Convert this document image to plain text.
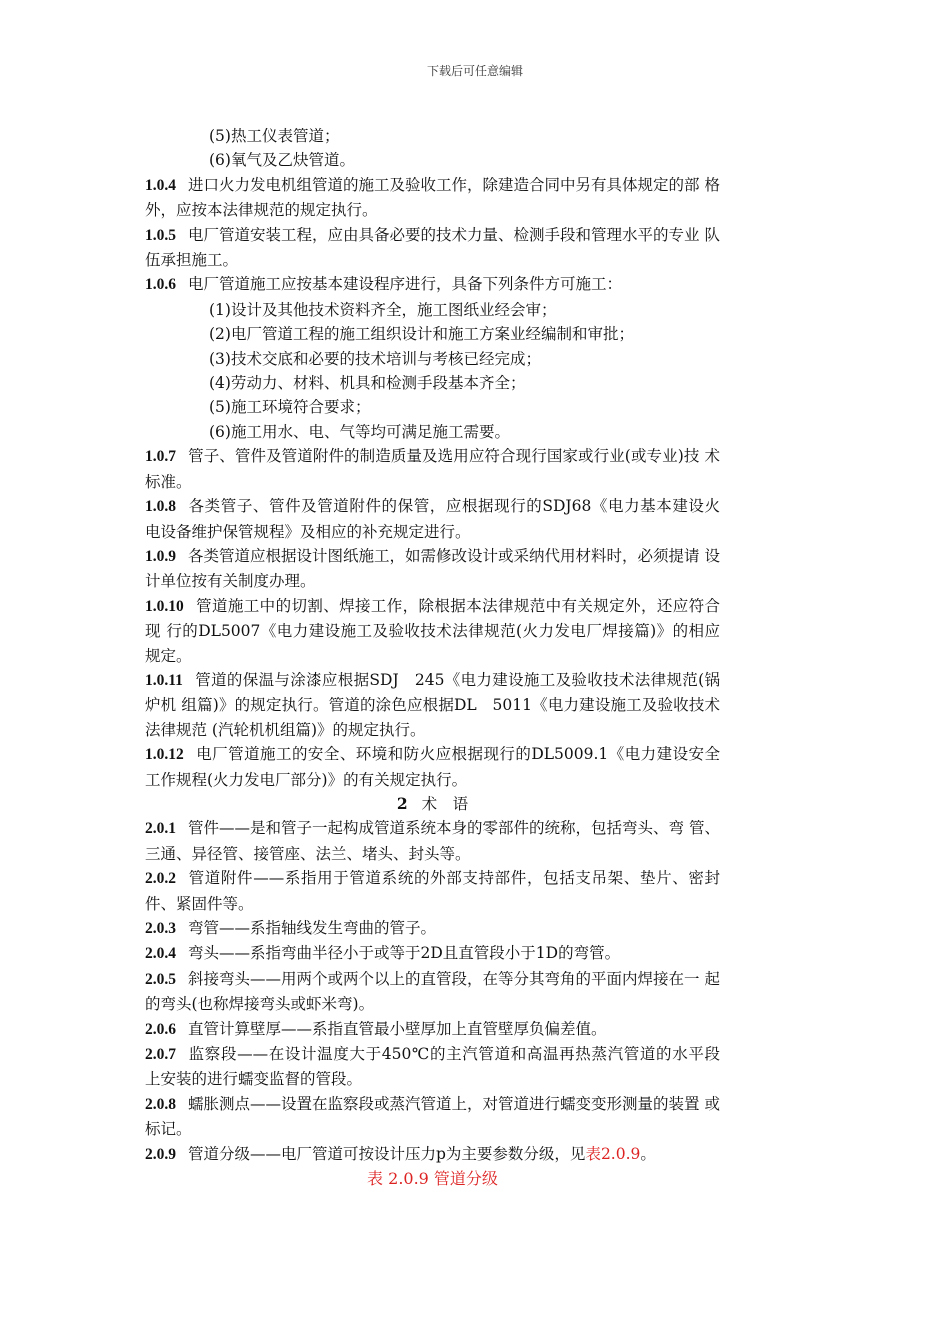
下载后可任意编辑

(5)热工仪表管道；

(6)氧气及乙炔管道。

1.0.4 进口火力发电机组管道的施工及验收工作，除建造合同中另有具体规定的部 格外，应按本法律规范的规定执行。

1.0.5 电厂管道安装工程，应由具备必要的技术力量、检测手段和管理水平的专业 队伍承担施工。

1.0.6 电厂管道施工应按基本建设程序进行，具备下列条件方可施工：

(1)设计及其他技术资料齐全，施工图纸业经会审；

(2)电厂管道工程的施工组织设计和施工方案业经编制和审批；

(3)技术交底和必要的技术培训与考核已经完成；

(4)劳动力、材料、机具和检测手段基本齐全；

(5)施工环境符合要求；

(6)施工用水、电、气等均可满足施工需要。

1.0.7 管子、管件及管道附件的制造质量及选用应符合现行国家或行业(或专业)技 术标准。

1.0.8 各类管子、管件及管道附件的保管，应根据现行的SDJ68《电力基本建设火 电设备维护保管规程》及相应的补充规定进行。

1.0.9 各类管道应根据设计图纸施工，如需修改设计或采纳代用材料时，必须提请 设计单位按有关制度办理。

1.0.10 管道施工中的切割、焊接工作，除根据本法律规范中有关规定外，还应符合现 行的DL5007《电力建设施工及验收技术法律规范(火力发电厂焊接篇)》的相应规定。

1.0.11 管道的保温与涂漆应根据SDJ　245《电力建设施工及验收技术法律规范(锅炉机 组篇)》的规定执行。管道的涂色应根据DL　5011《电力建设施工及验收技术法律规范 (汽轮机机组篇)》的规定执行。

1.0.12 电厂管道施工的安全、环境和防火应根据现行的DL5009.1《电力建设安全 工作规程(火力发电厂部分)》的有关规定执行。

2 术　语

2.0.1 管件——是和管子一起构成管道系统本身的零部件的统称，包括弯头、弯 管、三通、异径管、接管座、法兰、堵头、封头等。

2.0.2 管道附件——系指用于管道系统的外部支持部件，包括支吊架、垫片、密封 件、紧固件等。

2.0.3 弯管——系指轴线发生弯曲的管子。

2.0.4 弯头——系指弯曲半径小于或等于2D且直管段小于1D的弯管。

2.0.5 斜接弯头——用两个或两个以上的直管段，在等分其弯角的平面内焊接在一 起的弯头(也称焊接弯头或虾米弯)。

2.0.6 直管计算壁厚——系指直管最小壁厚加上直管壁厚负偏差值。

2.0.7 监察段——在设计温度大于450℃的主汽管道和高温再热蒸汽管道的水平段 上安装的进行蠕变监督的管段。

2.0.8 蠕胀测点——设置在监察段或蒸汽管道上，对管道进行蠕变变形测量的装置 或标记。

2.0.9 管道分级——电厂管道可按设计压力p为主要参数分级，见表2.0.9。

表 2.0.9 管道分级
